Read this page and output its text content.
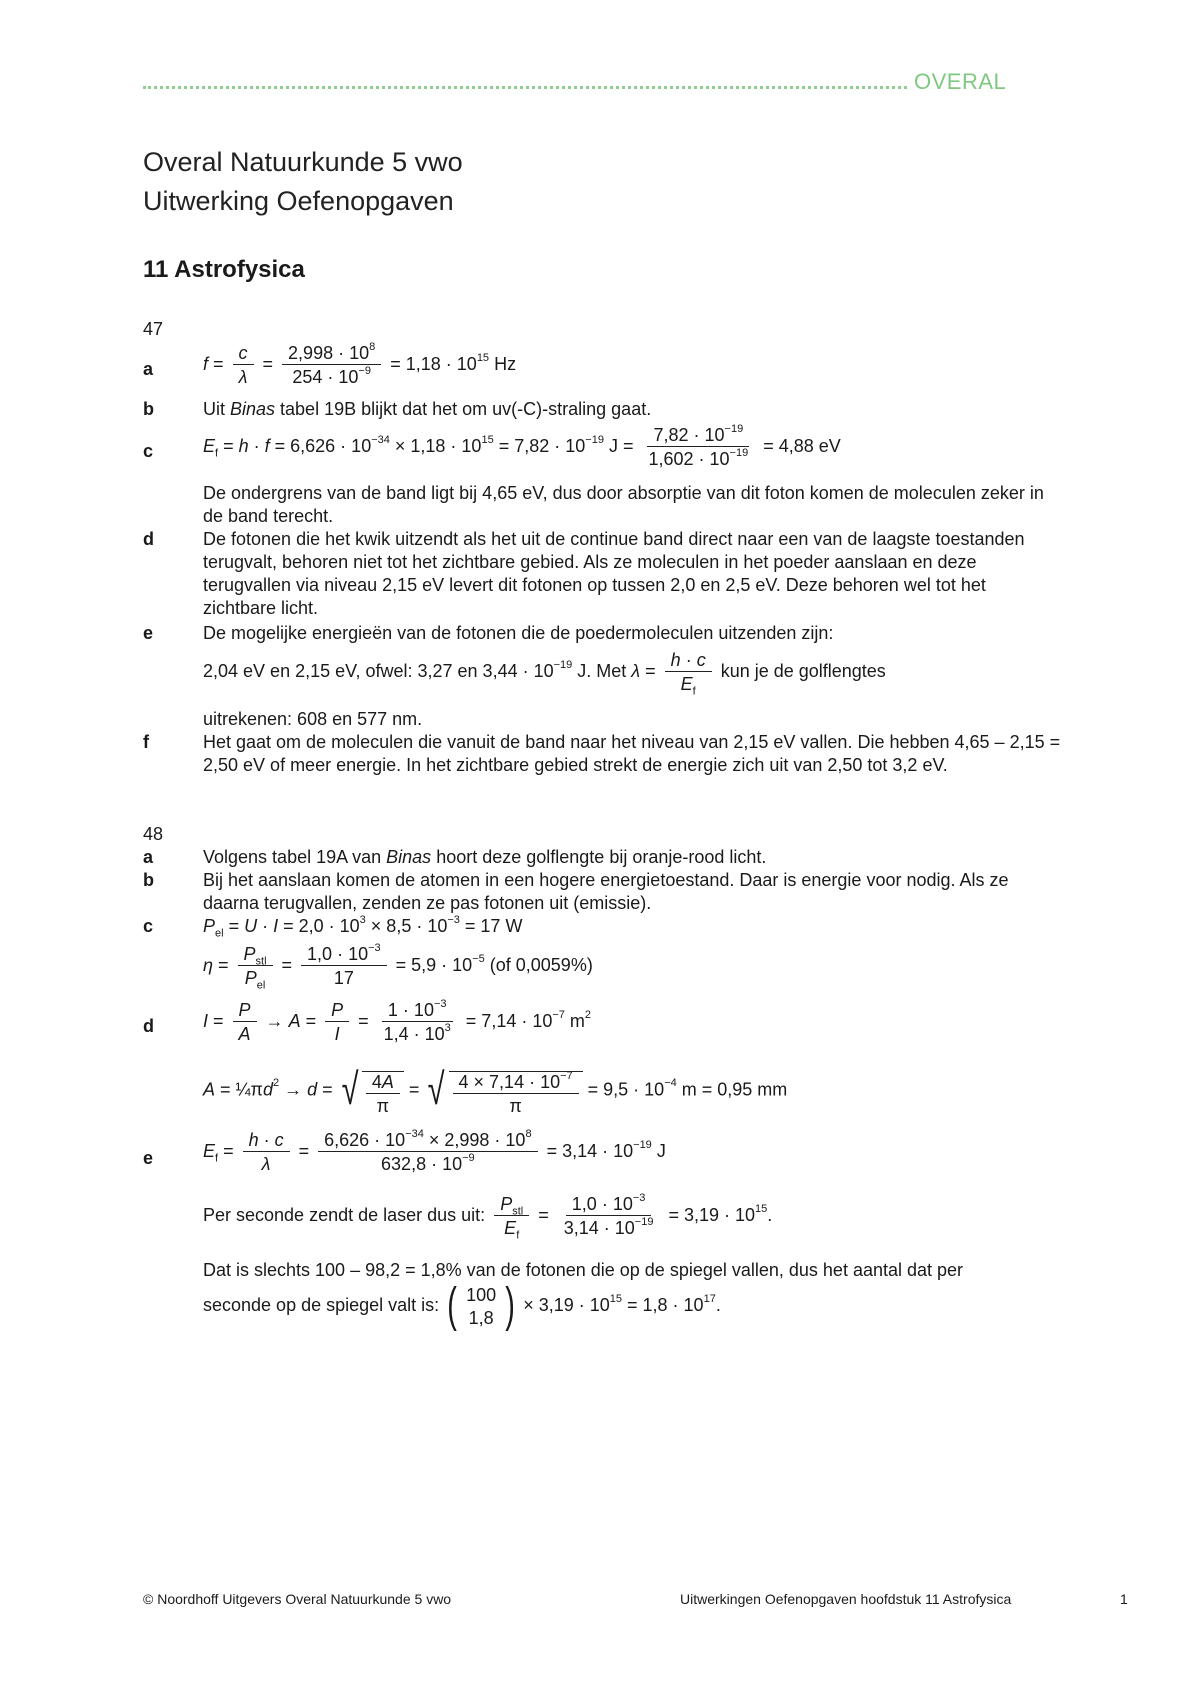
OVERAL
Overal Natuurkunde 5 vwo
Uitwerking Oefenopgaven
11 Astrofysica
47
a	$f = \frac{c}{\lambda} = \frac{2,998 \cdot 10^8}{254 \cdot 10^{-9}} = 1,18 \cdot 10^{15}$ Hz
b	Uit Binas tabel 19B blijkt dat het om uv(-C)-straling gaat.
c	$E_f = h \cdot f = 6,626 \cdot 10^{-34} \times 1,18 \cdot 10^{15} = 7,82 \cdot 10^{-19}$ $J = \frac{7,82 \cdot 10^{-19}}{1,602 \cdot 10^{-19}} = 4,88$ eV
De ondergrens van de band ligt bij 4,65 eV, dus door absorptie van dit foton komen de moleculen zeker in de band terecht.
d	De fotonen die het kwik uitzendt als het uit de continue band direct naar een van de laagste toestanden terugvalt, behoren niet tot het zichtbare gebied. Als ze moleculen in het poeder aanslaan en deze terugvallen via niveau 2,15 eV levert dit fotonen op tussen 2,0 en 2,5 eV. Deze behoren wel tot het zichtbare licht.
e	De mogelijke energieën van de fotonen die de poedermoleculen uitzenden zijn:
2,04 eV en 2,15 eV, ofwel: 3,27 en $3,44 \cdot 10^{-19}$ J. Met $\lambda = \frac{h \cdot c}{E_f}$ kun je de golflengtes
uitrekenen: 608 en 577 nm.
f	Het gaat om de moleculen die vanuit de band naar het niveau van 2,15 eV vallen. Die hebben 4,65 – 2,15 = 2,50 eV of meer energie. In het zichtbare gebied strekt de energie zich uit van 2,50 tot 3,2 eV.
48
a	Volgens tabel 19A van Binas hoort deze golflengte bij oranje-rood licht.
b	Bij het aanslaan komen de atomen in een hogere energietoestand. Daar is energie voor nodig. Als ze daarna terugvallen, zenden ze pas fotonen uit (emissie).
c	$P_{el} = U \cdot I = 2,0 \cdot 10^3 \times 8,5 \cdot 10^{-3} = 17$ W
$\eta = \frac{P_{stl}}{P_{el}} = \frac{1,0 \cdot 10^{-3}}{17} = 5,9 \cdot 10^{-5}$ (of 0,0059%)
d	$I = \frac{P}{A} \to A = \frac{P}{I} = \frac{1 \cdot 10^{-3}}{1,4 \cdot 10^3} = 7,14 \cdot 10^{-7}$ $m^2$
$A = \frac{1}{4}\pi d^2 \to d$ = √ $\frac{4A}{\pi}$ = √ $\frac{4 \times 7,14 \cdot 10^{-7}}{\pi} = 9,5 \cdot 10^{-4}$ m = 0,95 mm
e	$E_f = \frac{h \cdot c}{\lambda} = \frac{6,626 \cdot 10^{-34} \times 2,998 \cdot 10^8}{632,8 \cdot 10^{-9}} = 3,14 \cdot 10^{-19}$ J
Per seconde zendt de laser dus uit: $\frac{P_{stl}}{E_f} = \frac{1,0 \cdot 10^{-3}}{3,14 \cdot 10^{-19}} = 3,19 \cdot 10^{15}$.
Dat is slechts 100 – 98,2 = 1,8% van de fotonen die op de spiegel vallen, dus het aantal dat per
seconde op de spiegel valt is: ( 100
1,8 ) × $3,19 \cdot 10^{15} = 1,8 \cdot 10^{17}$.
© Noordhoff Uitgevers Overal Natuurkunde 5 vwo	Uitwerkingen Oefenopgaven hoofdstuk 11 Astrofysica	1
